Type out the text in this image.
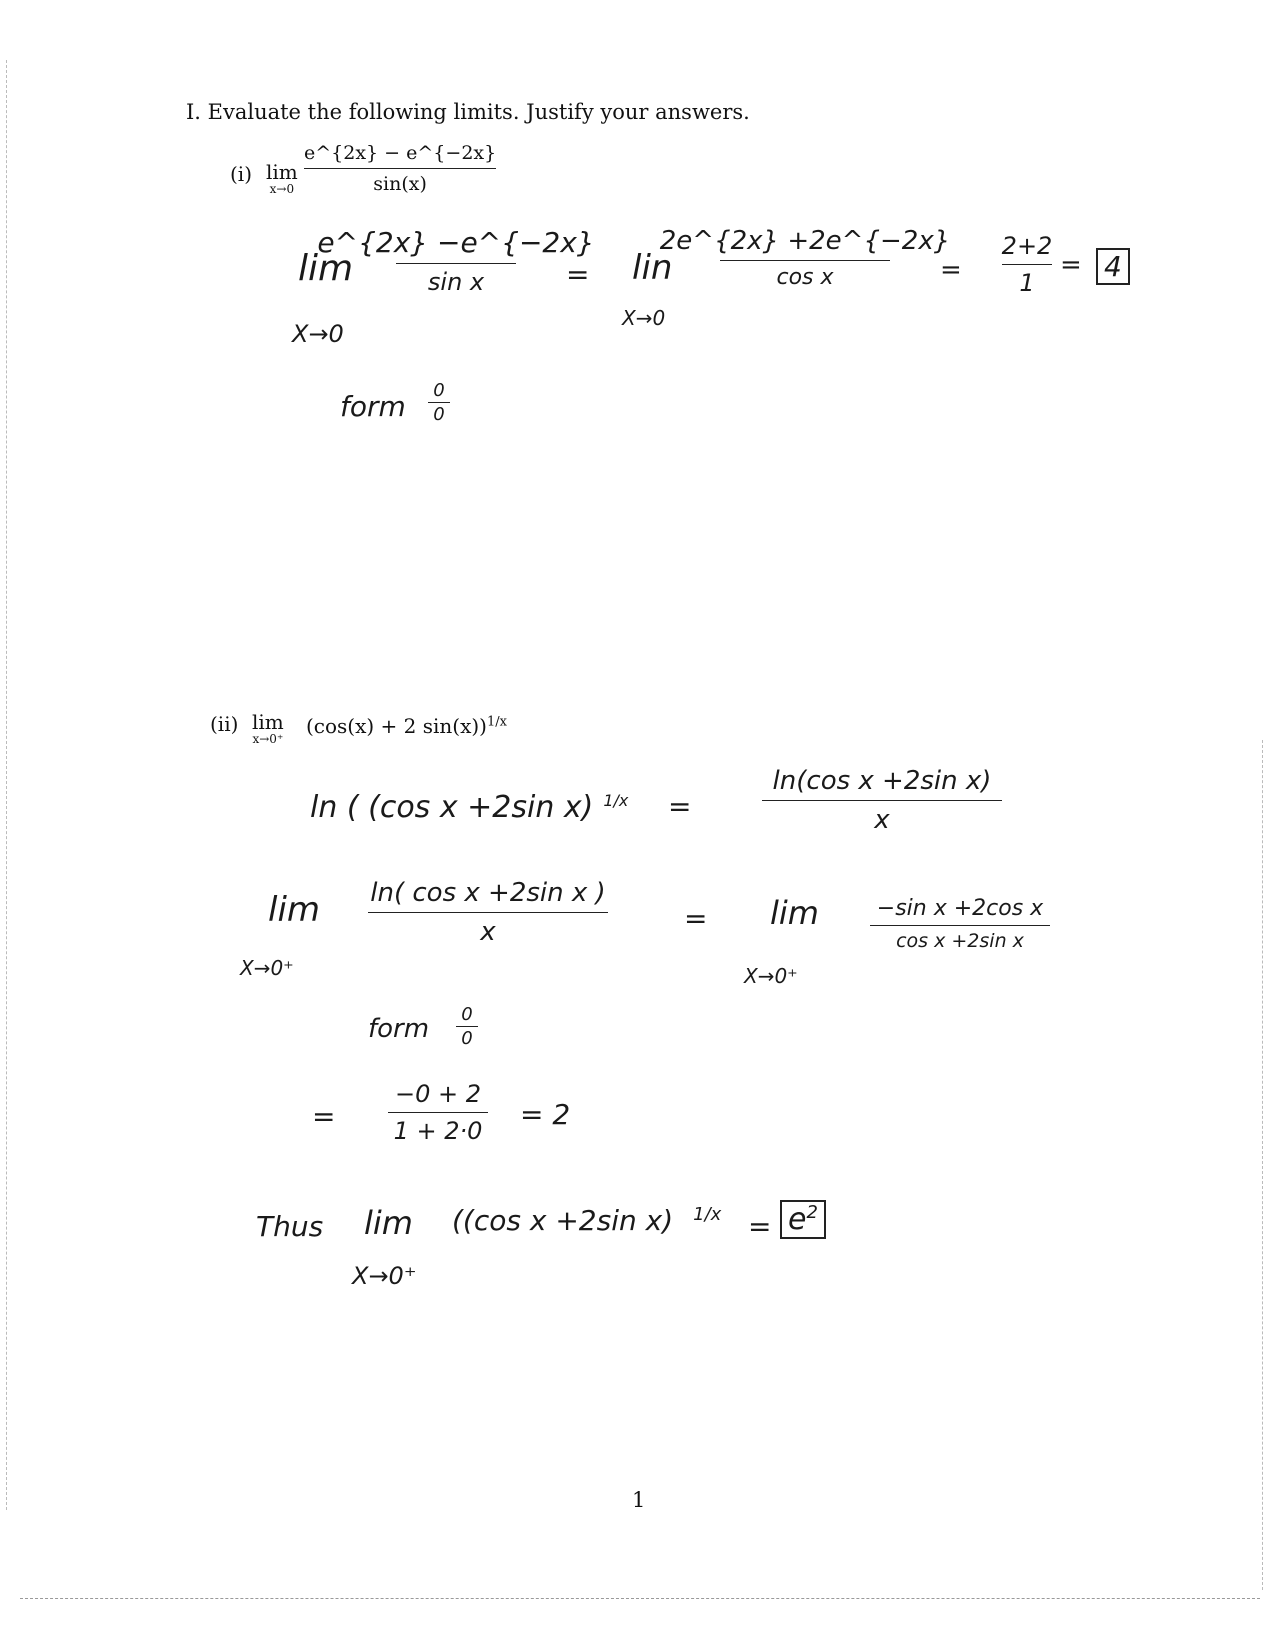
I. Evaluate the following limits. Justify your answers.
(i) lim
x→0
e^{2x} − e^{−2x}
sin(x)
lim
X→0
e^{2x} −e^{−2x}
sin x	= lin
X→0
2e^{2x} +2e^{−2x}
cos x	=
2+2
1
= 4
form 0
0
(ii) lim
x→0⁺
(cos(x) + 2 sin(x))$^{1/x}$
ln ( (cos x +2sin x) $^{1/x}$ =
ln(cos x +2sin x)
x
lim
X→0⁺
ln( cos x +2sin x )
x	= lim
X→0⁺
−sin x +2cos x
cos x +2sin x
form 0
0
=
−0 + 2
1 + 2·0 = 2
Thus lim
X→0⁺
((cos x +2sin x) $^{1/x} = e^2$
1
